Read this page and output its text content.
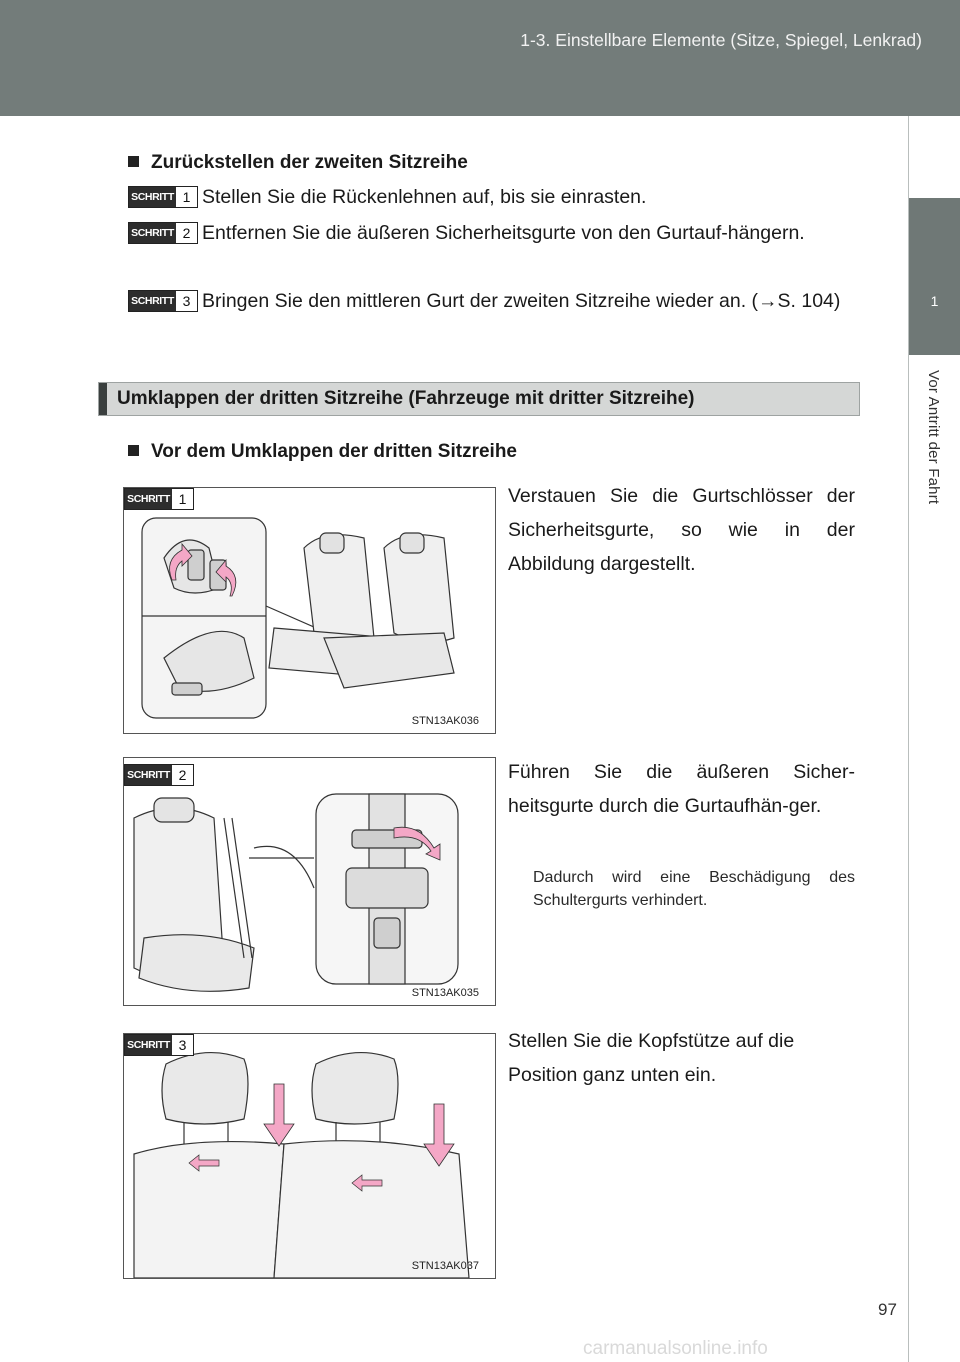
1-3. Einstellbare Elemente (Sitze, Spiegel, Lenkrad)
1
Vor Antritt der Fahrt
Zurückstellen der zweiten Sitzreihe
SCHRITT 1 Stellen Sie die Rückenlehnen auf, bis sie einrasten.
SCHRITT 2 Entfernen Sie die äußeren Sicherheitsgurte von den Gurtauf-hängern.
SCHRITT 3 Bringen Sie den mittleren Gurt der zweiten Sitzreihe wieder an. (→S. 104)
Umklappen der dritten Sitzreihe (Fahrzeuge mit dritter Sitzreihe)
Vor dem Umklappen der dritten Sitzreihe
SCHRITT 1
STN13AK036
Verstauen Sie die Gurtschlösser der Sicherheitsgurte, so wie in der Abbildung dargestellt.
SCHRITT 2
STN13AK035
Führen Sie die äußeren Sicher-heitsgurte durch die Gurtaufhän-ger.
Dadurch wird eine Beschädigung des Schultergurts verhindert.
SCHRITT 3
STN13AK037
Stellen Sie die Kopfstütze auf die Position ganz unten ein.
97
carmanualsonline.info
